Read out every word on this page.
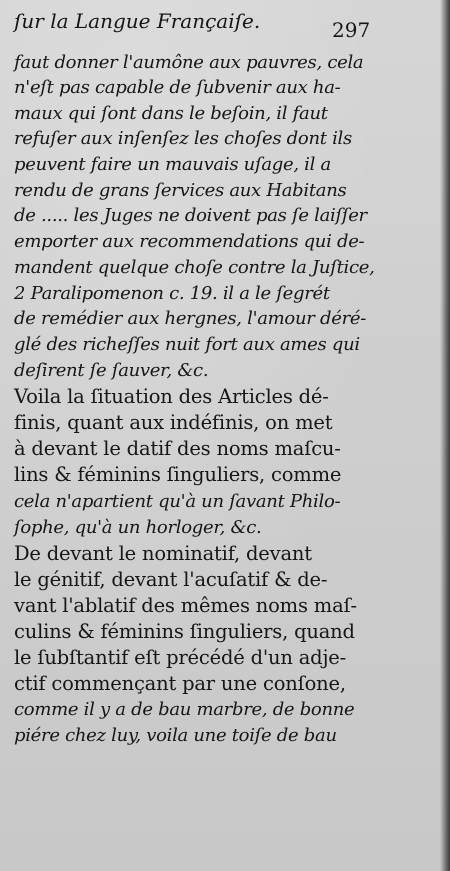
ſur la Langue Françaiſe.	297
faut donner l'aumône aux pauvres, cela
n'eſt pas capable de ſubvenir aux ha-
maux qui ſont dans le beſoin, il faut
refuſer aux inſenſez les choſes dont ils
peuvent faire un mauvais uſage, il a
rendu de grans ſervices aux Habitans
de ..... les Juges ne doivent pas ſe laiſſer
emporter aux recommendations qui de-
mandent quelque choſe contre la Juſtice,
2 Paralipomenon c. 19. il a le ſegrét
de remédier aux hergnes, l'amour déré-
glé des richeſſes nuit fort aux ames qui
deſirent ſe ſauver, &c.
Voila la ſituation des Articles dé-
finis, quant aux indéfinis, on met
à devant le datif des noms maſcu-
lins & féminins ſinguliers, comme
cela n'apartient qu'à un ſavant Philo-
ſophe, qu'à un horloger, &c.
De devant le nominatif, devant
le génitif, devant l'acuſatif & de-
vant l'ablatif des mêmes noms maſ-
culins & féminins ſinguliers, quand
le ſubſtantif eſt précédé d'un adje-
ctif commençant par une conſone,
comme il y a de bau marbre, de bonne
piére chez luy, voila une toiſe de bau
